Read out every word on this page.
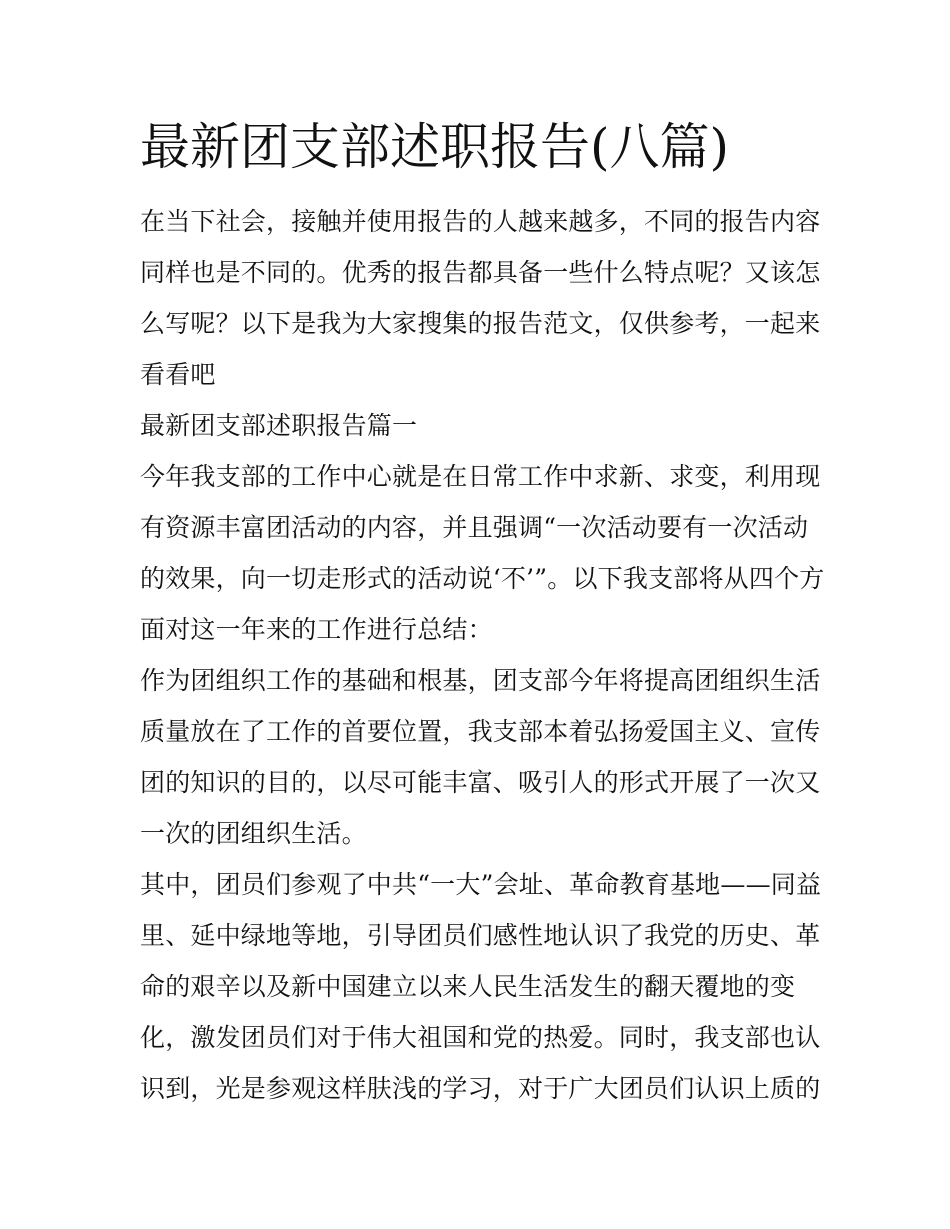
最新团支部述职报告(八篇)
在当下社会，接触并使用报告的人越来越多，不同的报告内容
同样也是不同的。优秀的报告都具备一些什么特点呢？又该怎
么写呢？以下是我为大家搜集的报告范文，仅供参考，一起来
看看吧
最新团支部述职报告篇一
今年我支部的工作中心就是在日常工作中求新、求变，利用现
有资源丰富团活动的内容，并且强调“一次活动要有一次活动
的效果，向一切走形式的活动说‘不’”。以下我支部将从四个方
面对这一年来的工作进行总结：
作为团组织工作的基础和根基，团支部今年将提高团组织生活
质量放在了工作的首要位置，我支部本着弘扬爱国主义、宣传
团的知识的目的，以尽可能丰富、吸引人的形式开展了一次又
一次的团组织生活。
其中，团员们参观了中共“一大”会址、革命教育基地——同益
里、延中绿地等地，引导团员们感性地认识了我党的历史、革
命的艰辛以及新中国建立以来人民生活发生的翻天覆地的变
化，激发团员们对于伟大祖国和党的热爱。同时，我支部也认
识到，光是参观这样肤浅的学习，对于广大团员们认识上质的
